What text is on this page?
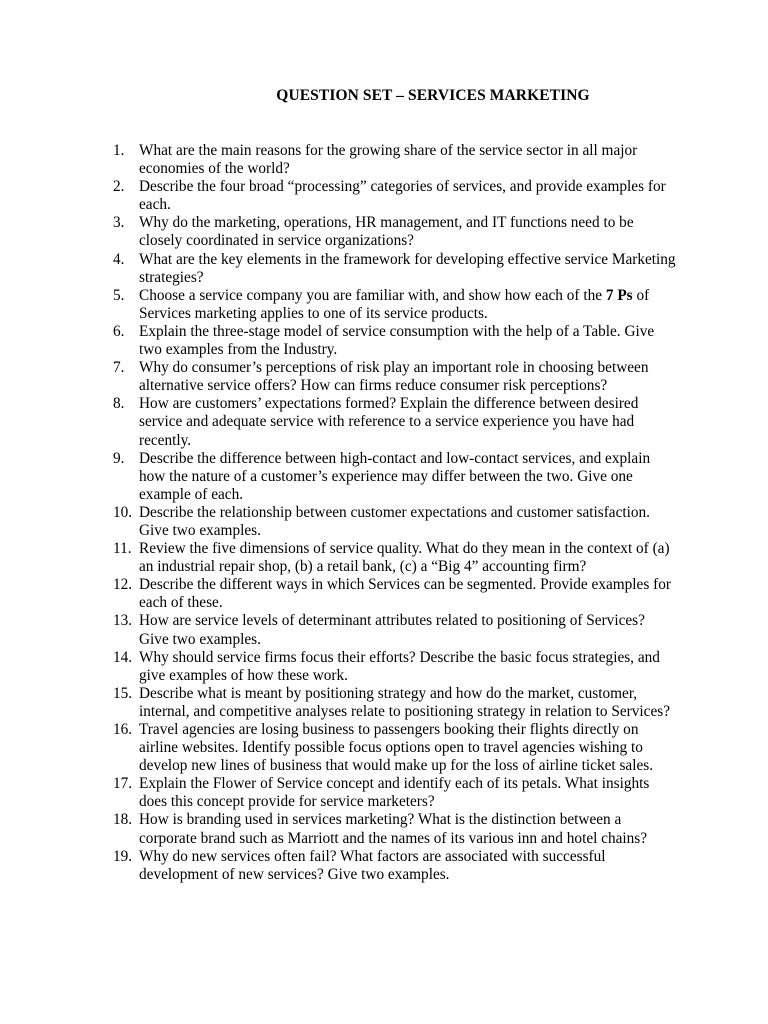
QUESTION SET – SERVICES MARKETING
1. What are the main reasons for the growing share of the service sector in all major economies of the world?
2. Describe the four broad “processing” categories of services, and provide examples for each.
3. Why do the marketing, operations, HR management, and IT functions need to be closely coordinated in service organizations?
4. What are the key elements in the framework for developing effective service Marketing strategies?
5. Choose a service company you are familiar with, and show how each of the 7 Ps of Services marketing applies to one of its service products.
6. Explain the three-stage model of service consumption with the help of a Table. Give two examples from the Industry.
7. Why do consumer’s perceptions of risk play an important role in choosing between alternative service offers? How can firms reduce consumer risk perceptions?
8. How are customers’ expectations formed? Explain the difference between desired service and adequate service with reference to a service experience you have had recently.
9. Describe the difference between high-contact and low-contact services, and explain how the nature of a customer’s experience may differ between the two. Give one example of each.
10. Describe the relationship between customer expectations and customer satisfaction. Give two examples.
11. Review the five dimensions of service quality. What do they mean in the context of (a) an industrial repair shop, (b) a retail bank, (c) a “Big 4” accounting firm?
12. Describe the different ways in which Services can be segmented. Provide examples for each of these.
13. How are service levels of determinant attributes related to positioning of Services? Give two examples.
14. Why should service firms focus their efforts? Describe the basic focus strategies, and give examples of how these work.
15. Describe what is meant by positioning strategy and how do the market, customer, internal, and competitive analyses relate to positioning strategy in relation to Services?
16. Travel agencies are losing business to passengers booking their flights directly on airline websites. Identify possible focus options open to travel agencies wishing to develop new lines of business that would make up for the loss of airline ticket sales.
17. Explain the Flower of Service concept and identify each of its petals. What insights does this concept provide for service marketers?
18. How is branding used in services marketing? What is the distinction between a corporate brand such as Marriott and the names of its various inn and hotel chains?
19. Why do new services often fail? What factors are associated with successful development of new services? Give two examples.
